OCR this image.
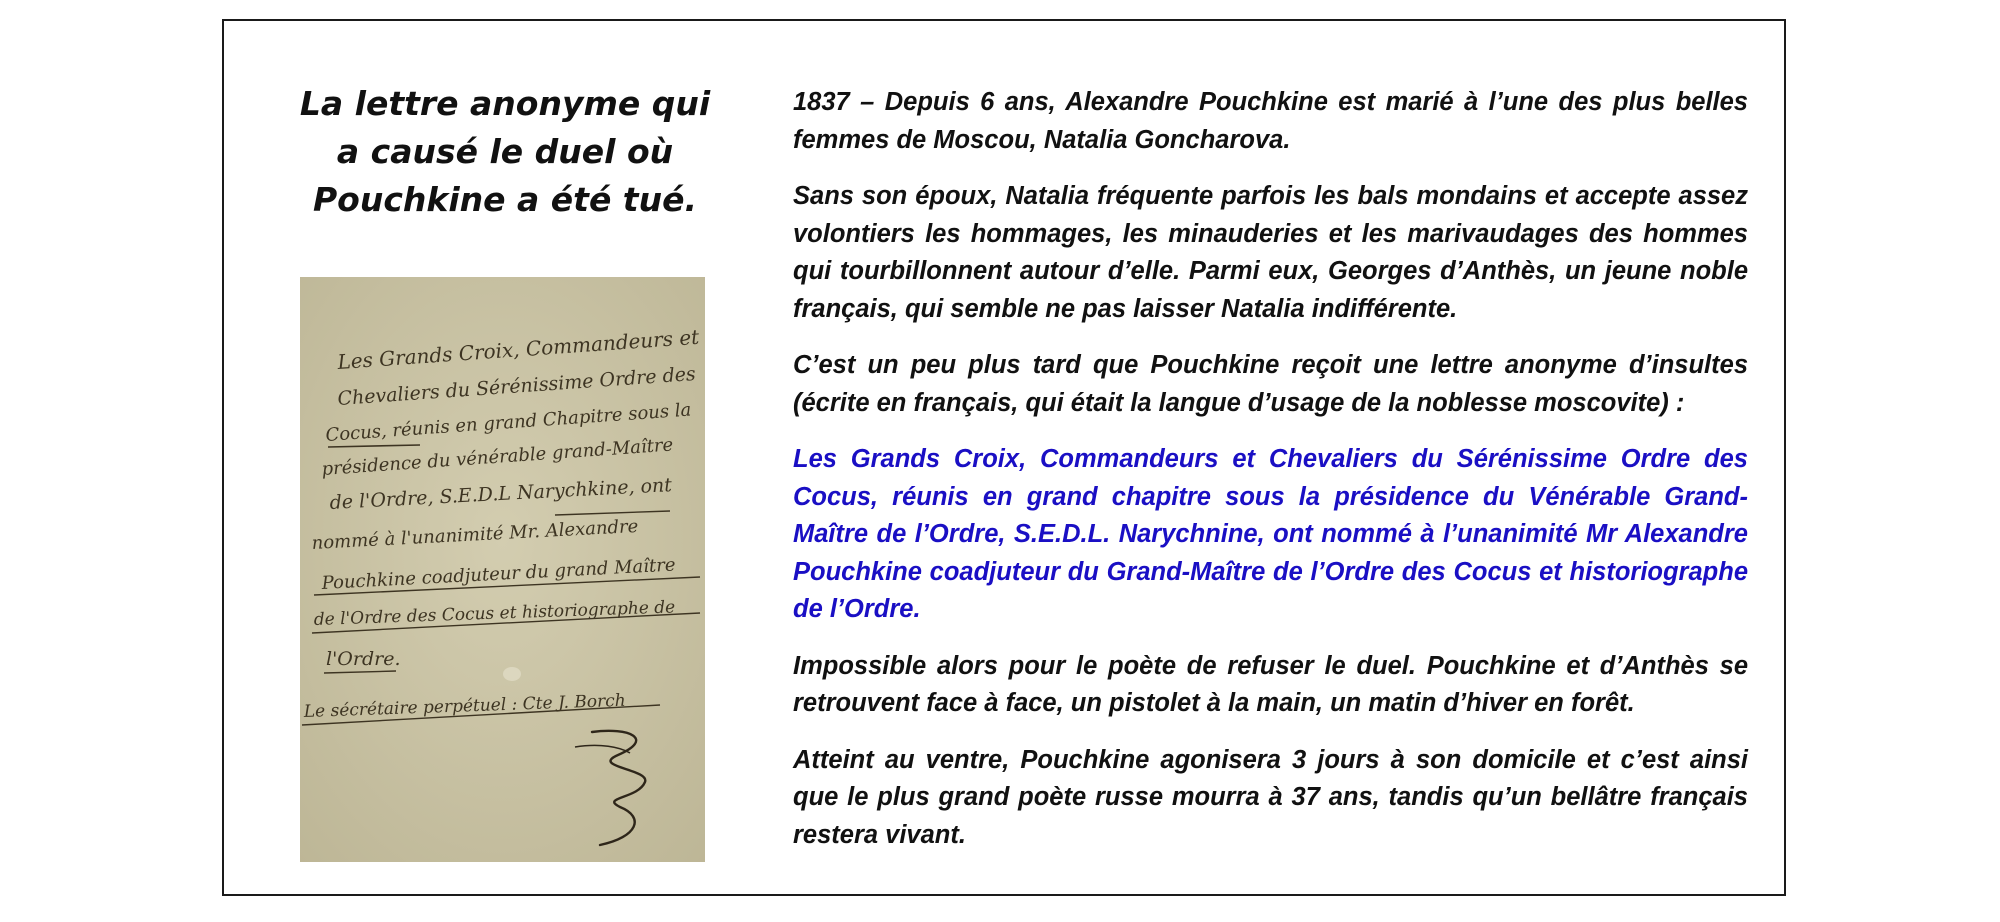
La lettre anonyme qui
a causé le duel où
Pouchkine a été tué.
Les Grands Croix, Commandeurs et
Chevaliers du Sérénissime Ordre des
Cocus, réunis en grand Chapitre sous la
présidence du vénérable grand-Maître
de l'Ordre, S.E.D.L Narychkine, ont
nommé à l'unanimité Mr. Alexandre
Pouchkine coadjuteur du grand Maître
de l'Ordre des Cocus et historiographe de
l'Ordre.
Le sécrétaire perpétuel : Cte J. Borch

1837 – Depuis 6 ans, Alexandre Pouchkine est marié à l’une des plus belles femmes de Moscou, Natalia Goncharova.

Sans son époux, Natalia fréquente parfois les bals mondains et accepte assez volontiers les hommages, les minauderies et les marivaudages des hommes qui tourbillonnent autour d’elle. Parmi eux, Georges d’Anthès, un jeune noble français, qui semble ne pas laisser Natalia indifférente.

C’est un peu plus tard que Pouchkine reçoit une lettre anonyme d’insultes (écrite en français, qui était la langue d’usage de la noblesse moscovite) :

Les Grands Croix, Commandeurs et Chevaliers du Sérénissime Ordre des Cocus, réunis en grand chapitre sous la présidence du Vénérable Grand-Maître de l’Ordre, S.E.D.L. Narychnine, ont nommé à l’unanimité Mr Alexandre Pouchkine coadjuteur du Grand-Maître de l’Ordre des Cocus et historiographe de l’Ordre.

Impossible alors pour le poète de refuser le duel. Pouchkine et d’Anthès se retrouvent face à face, un pistolet à la main, un matin d’hiver en forêt.

Atteint au ventre, Pouchkine agonisera 3 jours à son domicile et c’est ainsi que le plus grand poète russe mourra à 37 ans, tandis qu’un bellâtre français restera vivant.
